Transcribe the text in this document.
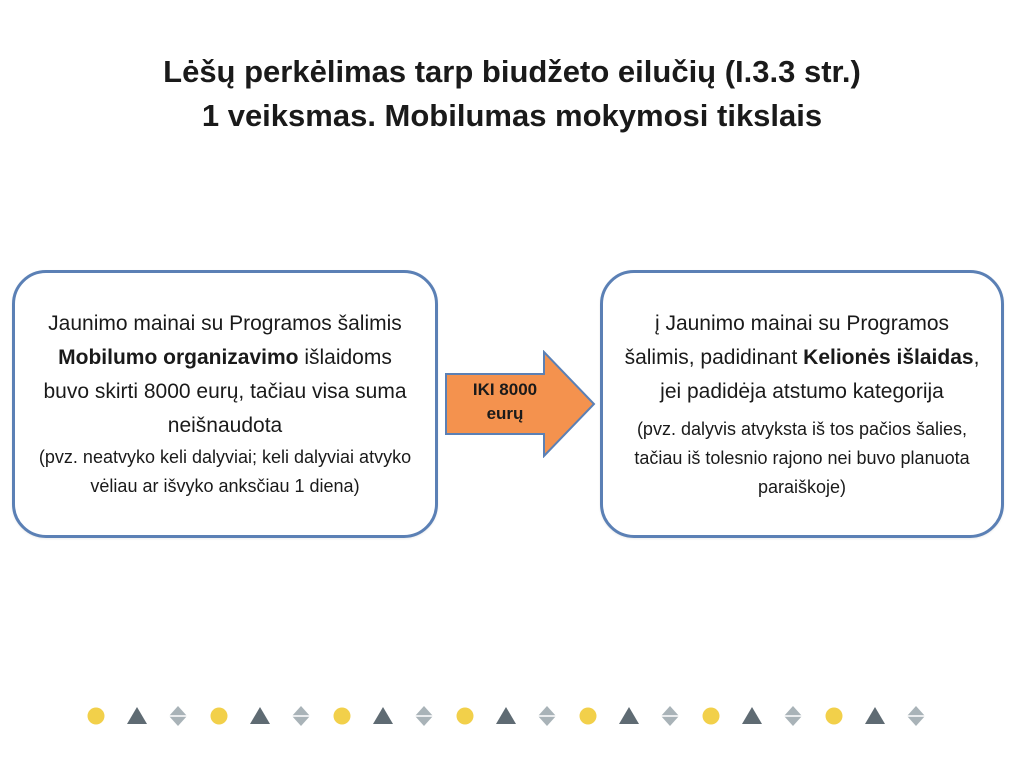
Lėšų perkėlimas tarp biudžeto eilučių (I.3.3 str.)
1 veiksmas. Mobilumas mokymosi tikslais
Jaunimo mainai su Programos šalimis Mobilumo organizavimo išlaidoms buvo skirti 8000 eurų, tačiau visa suma neišnaudota
(pvz. neatvyko keli dalyviai; keli dalyviai atvyko vėliau ar išvyko anksčiau 1 diena)
IKI 8000
eurų
į Jaunimo mainai su Programos šalimis, padidinant Kelionės išlaidas, jei padidėja atstumo kategorija
(pvz. dalyvis atvyksta iš tos pačios šalies, tačiau iš tolesnio rajono nei buvo planuota paraiškoje)
